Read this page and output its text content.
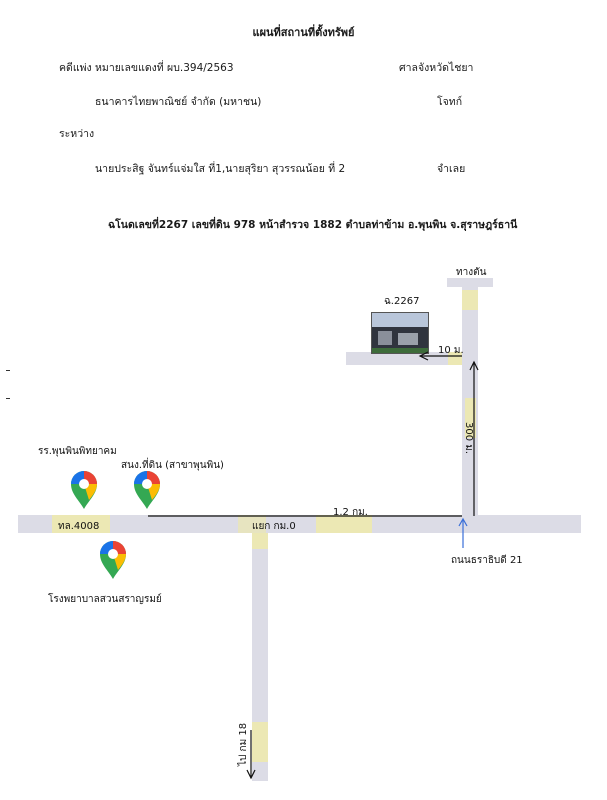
แผนที่สถานที่ตั้งทรัพย์
คดีแพ่ง หมายเลขแดงที่ ผบ.394/2563	ศาลจังหวัดไชยา
ธนาคารไทยพาณิชย์ จำกัด (มหาชน)	โจทก์
ระหว่าง
นายประสิฐ จันทร์แจ่มใส ที่1,นายสุริยา สุวรรณน้อย ที่ 2	จำเลย
ฉโนดเลขที่2267 เลขที่ดิน 978 หน้าสำรวจ 1882 ตำบลท่าข้าม อ.พุนพิน จ.สุราษฎร์ธานี
ทางตัน
ฉ.2267
10 ม.
300 ม.
1.2 กม.
ทล.4008	แยก กม.0
ถนนธราธิบดี 21
ไป กม 18
รร.พุนพินพิทยาคม
สนง.ที่ดิน (สาขาพุนพิน)
โรงพยาบาลสวนสราญรมย์
